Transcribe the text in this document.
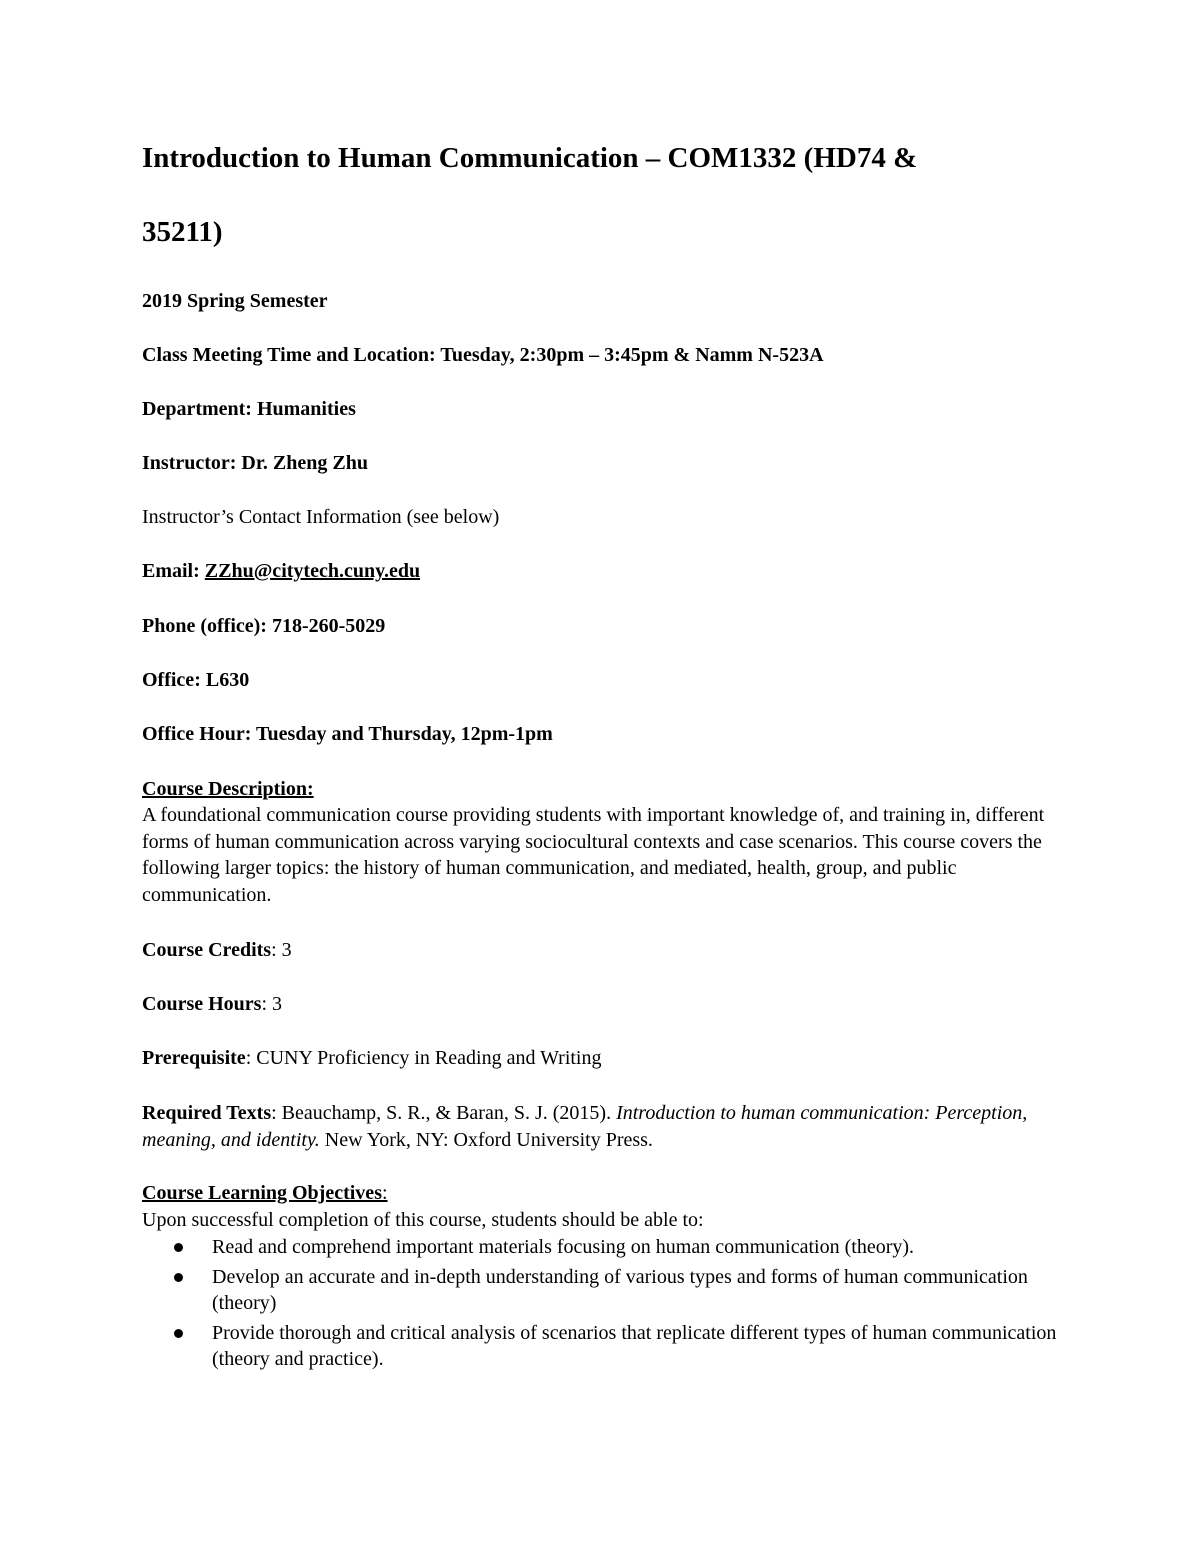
Introduction to Human Communication – COM1332 (HD74 &

35211)

2019 Spring Semester

Class Meeting Time and Location: Tuesday, 2:30pm – 3:45pm & Namm N-523A

Department: Humanities

Instructor: Dr. Zheng Zhu

Instructor’s Contact Information (see below)

Email: ZZhu@citytech.cuny.edu

Phone (office): 718-260-5029

Office: L630

Office Hour: Tuesday and Thursday, 12pm-1pm

Course Description:

A foundational communication course providing students with important knowledge of, and training in, different forms of human communication across varying sociocultural contexts and case scenarios. This course covers the following larger topics: the history of human communication, and mediated, health, group, and public communication.

Course Credits: 3

Course Hours: 3

Prerequisite: CUNY Proficiency in Reading and Writing

Required Texts: Beauchamp, S. R., & Baran, S. J. (2015). Introduction to human communication: Perception, meaning, and identity. New York, NY: Oxford University Press.

Course Learning Objectives:

Upon successful completion of this course, students should be able to:

Read and comprehend important materials focusing on human communication (theory).
Develop an accurate and in-depth understanding of various types and forms of human communication (theory)
Provide thorough and critical analysis of scenarios that replicate different types of human communication (theory and practice).
